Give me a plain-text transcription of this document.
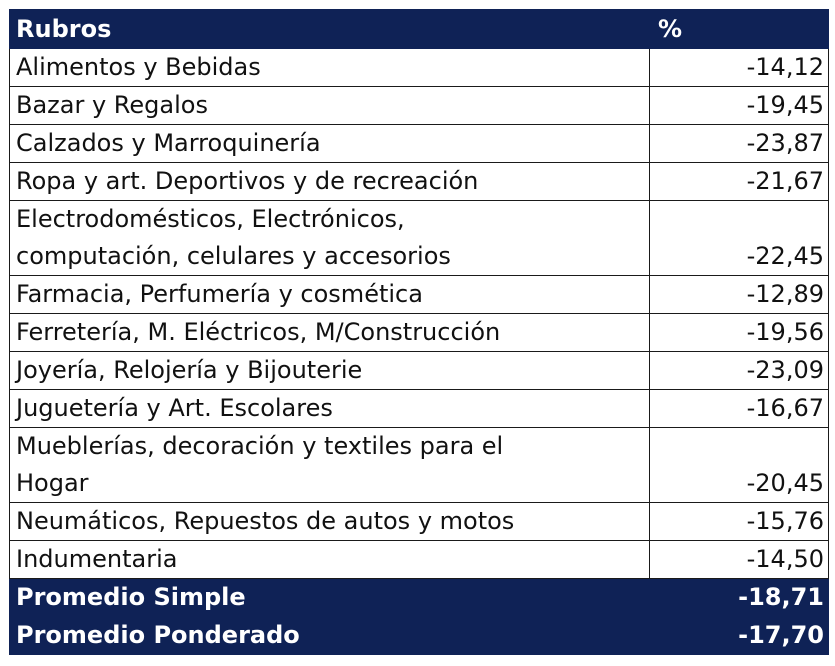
Rubros	%
Alimentos y Bebidas	-14,12
Bazar y Regalos	-19,45
Calzados y Marroquinería	-23,87
Ropa y art. Deportivos y de recreación	-21,67

Electrodomésticos, Electrónicos,
computación, celulares y accesorios	-22,45
Farmacia, Perfumería y cosmética	-12,89
Ferretería, M. Eléctricos, M/Construcción	-19,56
Joyería, Relojería y Bijouterie	-23,09
Juguetería y Art. Escolares	-16,67

Mueblerías, decoración y textiles para el
Hogar	-20,45
Neumáticos, Repuestos de autos y motos	-15,76
Indumentaria	-14,50
Promedio Simple	-18,71
Promedio Ponderado	-17,70
